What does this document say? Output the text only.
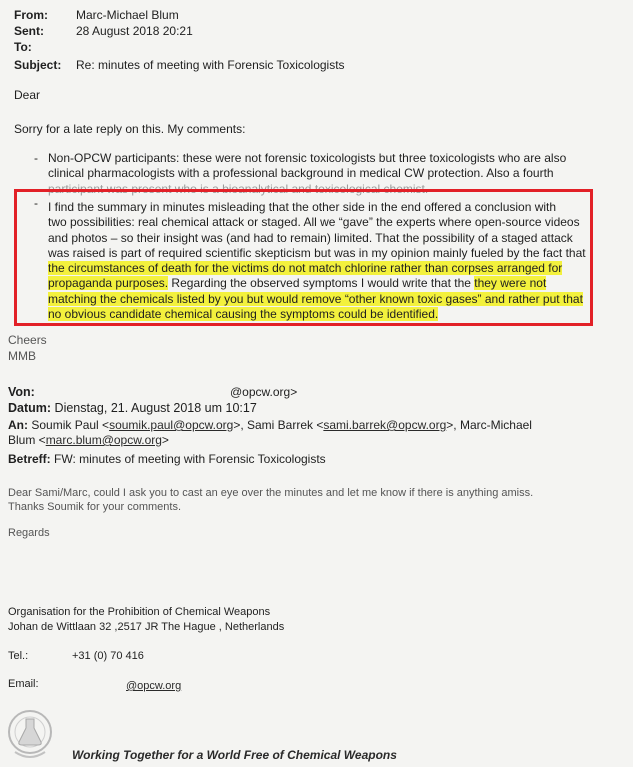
From: Marc-Michael Blum
Sent:	28 August 2018 20:21
To:
Subject: Re: minutes of meeting with Forensic Toxicologists
Dear
Sorry for a late reply on this. My comments:
- Non-OPCW participants: these were not forensic toxicologists but three toxicologists who are also
clinical pharmacologists with a professional background in medical CW protection. Also a fourth
participant was present who is a bioanalytical and toxicological chemist.
- I find the summary in minutes misleading that the other side in the end offered a conclusion with
two possibilities: real chemical attack or staged. All we “gave” the experts where open-source videos
and photos – so their insight was (and had to remain) limited. That the possibility of a staged attack
was raised is part of required scientific skepticism but was in my opinion mainly fueled by the fact that
the circumstances of death for the victims do not match chlorine rather than corpses arranged for
propaganda purposes. Regarding the observed symptoms I would write that the they were not
matching the chemicals listed by you but would remove “other known toxic gases” and rather put that
no obvious candidate chemical causing the symptoms could be identified.
Cheers
MMB
Von:	@opcw.org>
Datum: Dienstag, 21. August 2018 um 10:17
An: Soumik Paul <soumik.paul@opcw.org>, Sami Barrek <sami.barrek@opcw.org>, Marc-Michael
Blum <marc.blum@opcw.org>
Betreff: FW: minutes of meeting with Forensic Toxicologists
Dear Sami/Marc, could I ask you to cast an eye over the minutes and let me know if there is anything amiss.
Thanks Soumik for your comments.
Regards
Organisation for the Prohibition of Chemical Weapons
Johan de Wittlaan 32 ,2517 JR The Hague , Netherlands
Tel.:	+31 (0) 70 416
Email:	@opcw.org
Working Together for a World Free of Chemical Weapons
